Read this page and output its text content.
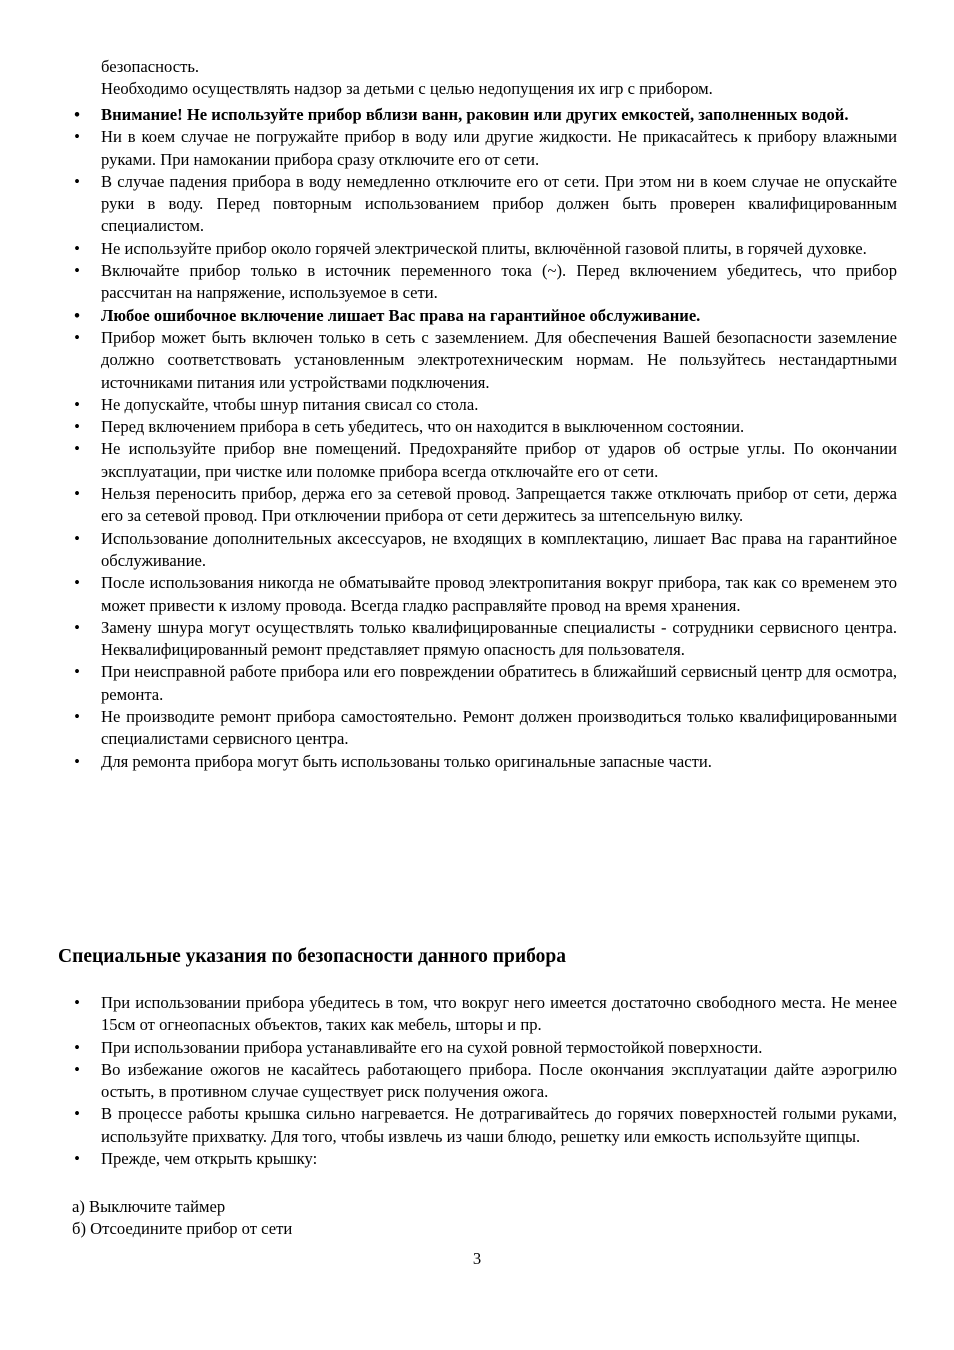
безопасность.

Необходимо осуществлять надзор за детьми с целью недопущения их игр с прибором.

• Внимание! Не используйте прибор вблизи ванн, раковин или других емкостей, заполненных водой.
• Ни в коем случае не погружайте прибор в воду или другие жидкости. Не прикасайтесь к прибору влажными руками. При намокании прибора сразу отключите его от сети.
• В случае падения прибора в воду немедленно отключите его от сети. При этом ни в коем случае не опускайте руки в воду. Перед повторным использованием прибор должен быть проверен квалифицированным специалистом.
• Не используйте прибор около горячей электрической плиты, включённой газовой плиты, в горячей духовке.
• Включайте прибор только в источник переменного тока (~). Перед включением убедитесь, что прибор рассчитан на напряжение, используемое в сети.
• Любое ошибочное включение лишает Вас права на гарантийное обслуживание.
• Прибор может быть включен только в сеть с заземлением. Для обеспечения Вашей безопасности заземление должно соответствовать установленным электротехническим нормам. Не пользуйтесь нестандартными источниками питания или устройствами подключения.
• Не допускайте, чтобы шнур питания свисал со стола.
• Перед включением прибора в сеть убедитесь, что он находится в выключенном состоянии.
• Не используйте прибор вне помещений. Предохраняйте прибор от ударов об острые углы. По окончании эксплуатации, при чистке или поломке прибора всегда отключайте его от сети.
• Нельзя переносить прибор, держа его за сетевой провод. Запрещается также отключать прибор от сети, держа его за сетевой провод. При отключении прибора от сети держитесь за штепсельную вилку.
• Использование дополнительных аксессуаров, не входящих в комплектацию, лишает Вас права на гарантийное обслуживание.
• После использования никогда не обматывайте провод электропитания вокруг прибора, так как со временем это может привести к излому провода. Всегда гладко расправляйте провод на время хранения.
• Замену шнура могут осуществлять только квалифицированные специалисты - сотрудники сервисного центра. Неквалифицированный ремонт представляет прямую опасность для пользователя.
• При неисправной работе прибора или его повреждении обратитесь в ближайший сервисный центр для осмотра, ремонта.
• Не производите ремонт прибора самостоятельно. Ремонт должен производиться только квалифицированными специалистами сервисного центра.
• Для ремонта прибора могут быть использованы только оригинальные запасные части.
Специальные указания по безопасности данного прибора
• При использовании прибора убедитесь в том, что вокруг него имеется достаточно свободного места. Не менее 15см от огнеопасных объектов, таких как мебель, шторы и пр.
• При использовании прибора устанавливайте его на сухой ровной термостойкой поверхности.
• Во избежание ожогов не касайтесь работающего прибора. После окончания эксплуатации дайте аэрогрилю остыть, в противном случае существует риск получения ожога.
• В процессе работы крышка сильно нагревается. Не дотрагивайтесь до горячих поверхностей голыми руками, используйте прихватку. Для того, чтобы извлечь из чаши блюдо, решетку или емкость используйте щипцы.
• Прежде, чем открыть крышку:

а) Выключите таймер

б) Отсоедините прибор от сети

3
